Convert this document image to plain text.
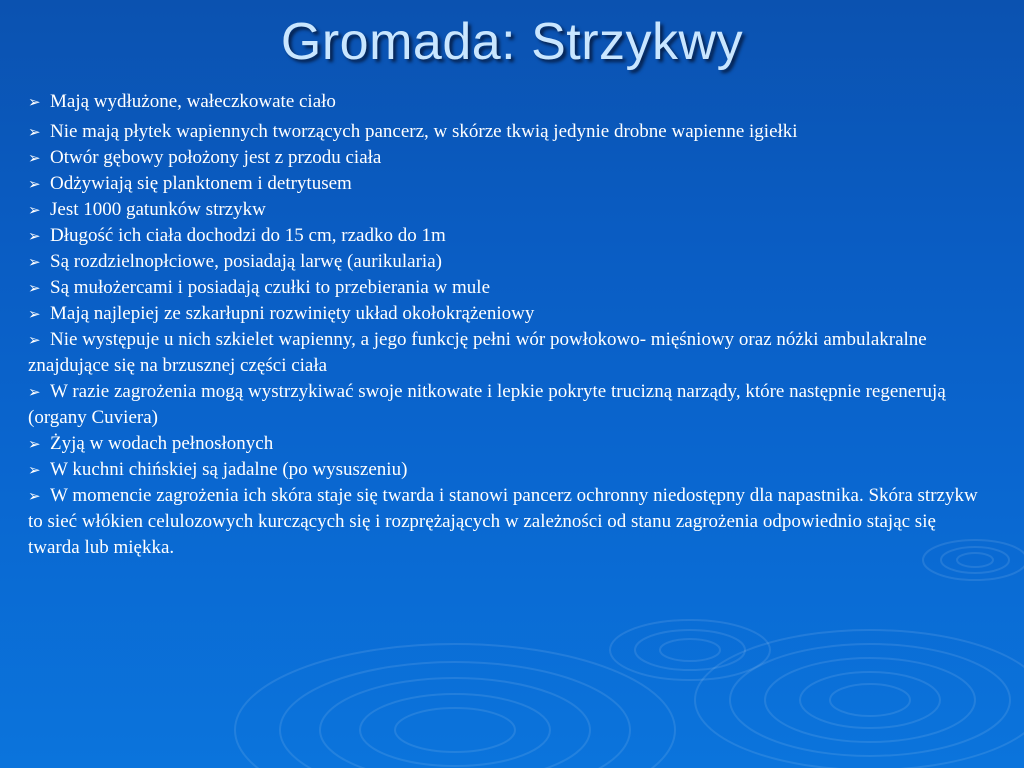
Gromada: Strzykwy

➢ Mają wydłużone, wałeczkowate ciało

➢ Nie mają płytek wapiennych tworzących pancerz, w skórze tkwią jedynie drobne wapienne igiełki

➢ Otwór gębowy położony jest z przodu ciała

➢ Odżywiają się planktonem i detrytusem

➢ Jest 1000 gatunków strzykw

➢ Długość ich ciała dochodzi do 15 cm, rzadko do 1m

➢ Są rozdzielnopłciowe, posiadają larwę (aurikularia)

➢ Są mułożercami i posiadają czułki to przebierania w mule

➢ Mają najlepiej ze szkarłupni rozwinięty układ okołokrążeniowy

➢ Nie występuje u nich szkielet wapienny, a jego funkcję pełni wór powłokowo- mięśniowy oraz nóżki ambulakralne znajdujące się na brzusznej części ciała

➢ W razie zagrożenia mogą wystrzykiwać swoje nitkowate i lepkie pokryte trucizną narządy, które następnie regenerują (organy Cuviera)

➢ Żyją w wodach pełnosłonych

➢ W kuchni chińskiej są jadalne (po wysuszeniu)

➢ W momencie zagrożenia ich skóra staje się twarda i stanowi pancerz ochronny niedostępny dla napastnika. Skóra strzykw to sieć włókien celulozowych kurczących się i rozprężających w zależności od stanu zagrożenia odpowiednio stając się twarda lub miękka.
